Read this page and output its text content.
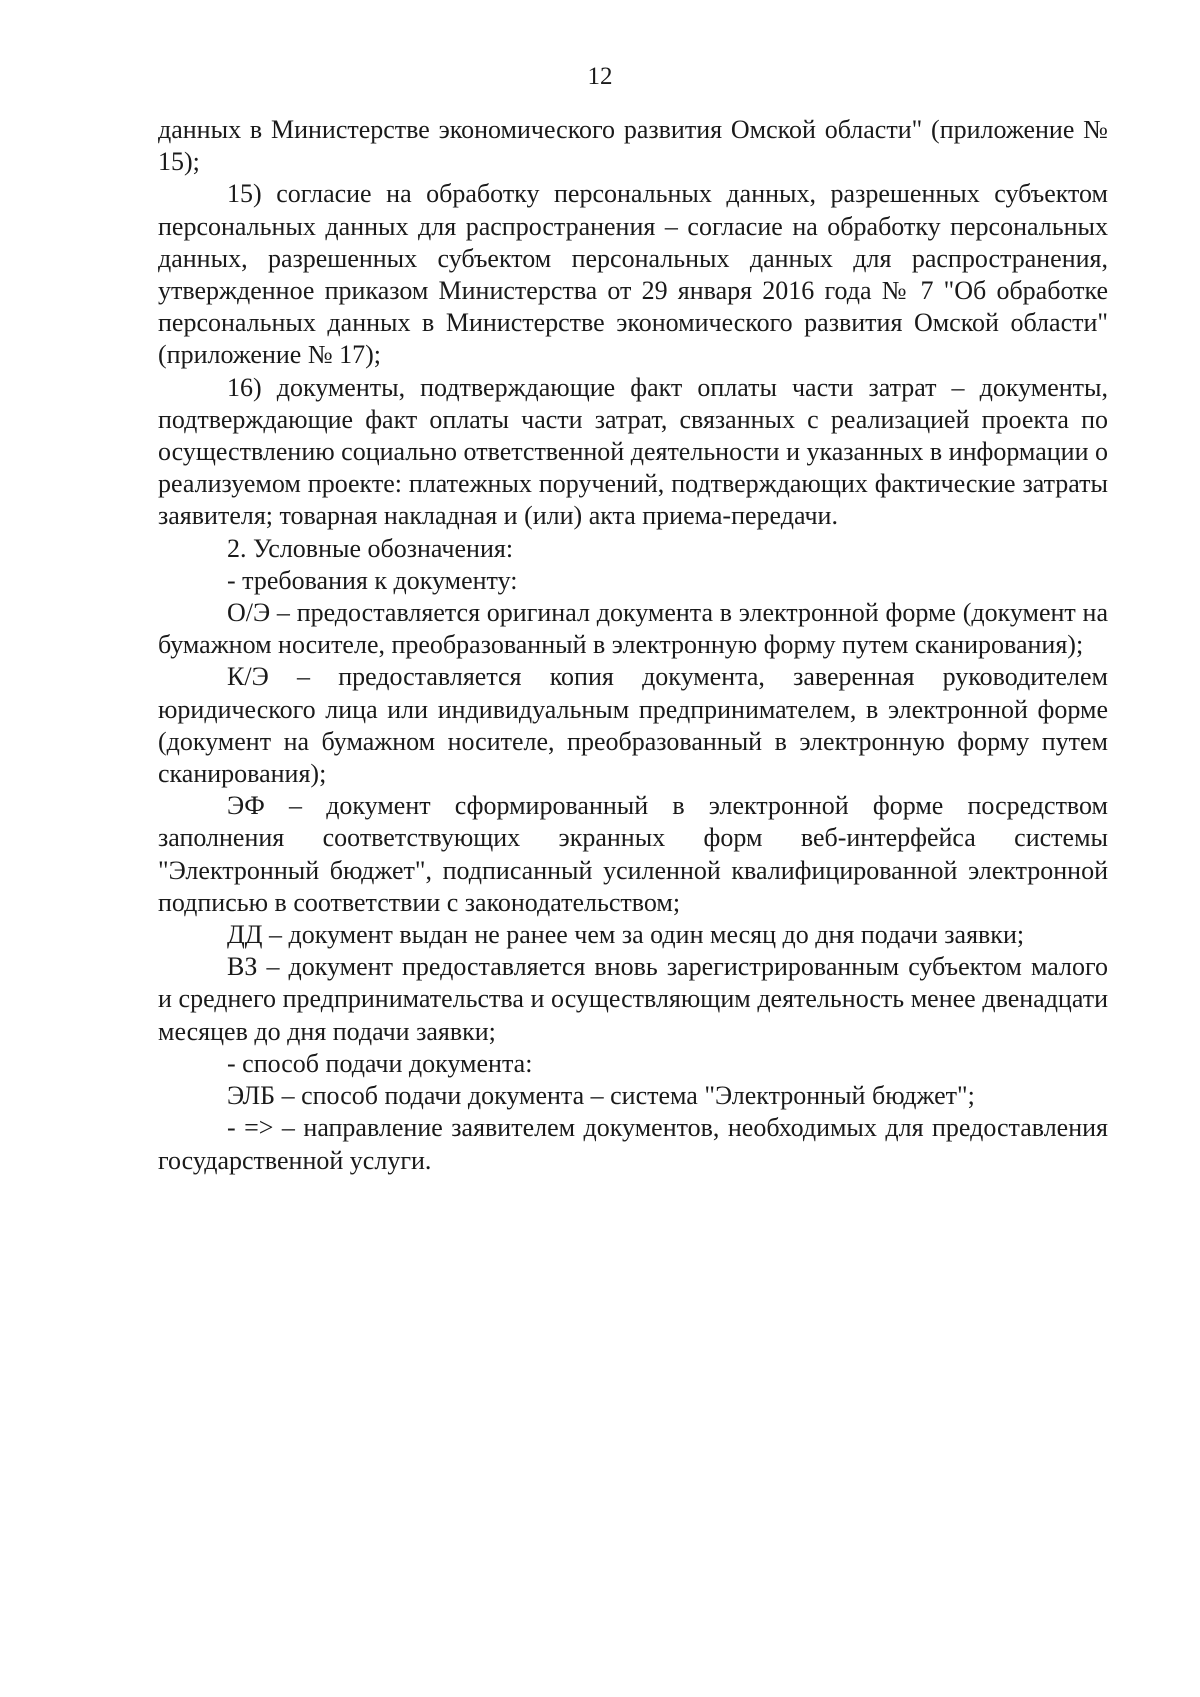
12

данных в Министерстве экономического развития Омской области" (приложение № 15);

15) согласие на обработку персональных данных, разрешенных субъектом персональных данных для распространения – согласие на обработку персональных данных, разрешенных субъектом персональных данных для распространения, утвержденное приказом Министерства от 29 января 2016 года № 7 "Об обработке персональных данных в Министерстве экономического развития Омской области" (приложение № 17);

16) документы, подтверждающие факт оплаты части затрат – документы, подтверждающие факт оплаты части затрат, связанных с реализацией проекта по осуществлению социально ответственной деятельности и указанных в информации о реализуемом проекте: платежных поручений, подтверждающих фактические затраты заявителя; товарная накладная и (или) акта приема-передачи.

2. Условные обозначения:

- требования к документу:

О/Э – предоставляется оригинал документа в электронной форме (документ на бумажном носителе, преобразованный в электронную форму путем сканирования);

К/Э – предоставляется копия документа, заверенная руководителем юридического лица или индивидуальным предпринимателем, в электронной форме (документ на бумажном носителе, преобразованный в электронную форму путем сканирования);

ЭФ – документ сформированный в электронной форме посредством заполнения соответствующих экранных форм веб-интерфейса системы "Электронный бюджет", подписанный усиленной квалифицированной электронной подписью в соответствии с законодательством;

ДД – документ выдан не ранее чем за один месяц до дня подачи заявки;

ВЗ – документ предоставляется вновь зарегистрированным субъектом малого и среднего предпринимательства и осуществляющим деятельность менее двенадцати месяцев до дня подачи заявки;

- способ подачи документа:

ЭЛБ – способ подачи документа – система "Электронный бюджет";

- => – направление заявителем документов, необходимых для предоставления государственной услуги.
